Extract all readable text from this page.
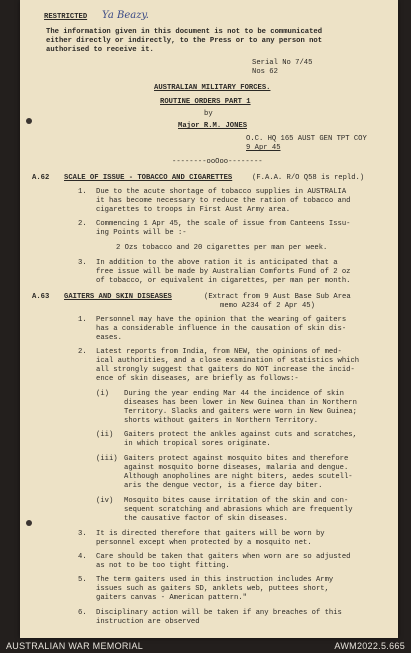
RESTRICTED Ya Beazy.
The information given in this document is not to be communicated
either directly or indirectly, to the Press or to any person not
authorised to receive it.
Serial No 7/45
Nos 62
AUSTRALIAN MILITARY FORCES.
ROUTINE ORDERS PART 1
by
Major R.M. JONES
O.C. HQ 165 AUST GEN TPT COY
9 Apr 45
--------ooOoo--------
A.62 SCALE OF ISSUE - TOBACCO AND CIGARETTES	(F.A.A. R/O Q58 is repld.)
1. Due to the acute shortage of tobacco supplies in AUSTRALIA
it has become necessary to reduce the ration of tobacco and
cigarettes to troops in First Aust Army area.
2. Commencing 1 Apr 45, the scale of issue from Canteens Issu-
ing Points will be :-
2 Ozs tobacco and 20 cigarettes per man per week.
3. In addition to the above ration it is anticipated that a
free issue will be made by Australian Comforts Fund of 2 oz
of tobacco, or equivalent in cigarettes, per man per month.
A.63 GAITERS AND SKIN DISEASES	(Extract from 9 Aust Base Sub Area
memo A234 of 2 Apr 45)
1. Personnel may have the opinion that the wearing of gaiters
has a considerable influence in the causation of skin dis-
eases.
2. Latest reports from India, from NEW, the opinions of med-
ical authorities, and a close examination of statistics which
all strongly suggest that gaiters do NOT increase the incid-
ence of skin diseases, are briefly as follows:-
(i) During the year ending Mar 44 the incidence of skin
diseases has been lower in New Guinea than in Northern
Territory. Slacks and gaiters were worn in New Guinea;
shorts without gaiters in Northern Territory.
(ii) Gaiters protect the ankles against cuts and scratches,
in which tropical sores originate.
(iii) Gaiters protect against mosquito bites and therefore
against mosquito borne diseases, malaria and dengue.
Although anopholines are night biters, aedes scutell-
aris the dengue vector, is a fierce day biter.
(iv) Mosquito bites cause irritation of the skin and con-
sequent scratching and abrasions which are frequently
the causative factor of skin diseases.
3. It is directed therefore that gaiters will be worn by
personnel except when protected by a mosquito net.
4. Care should be taken that gaiters when worn are so adjusted
as not to be too tight fitting.
5. The term gaiters used in this instruction includes Army
issues such as gaiters SD, anklets web, puttees short,
gaiters canvas - American pattern."
6. Disciplinary action will be taken if any breaches of this
instruction are observed
AUSTRALIAN WAR MEMORIAL	AWM2022.5.665
